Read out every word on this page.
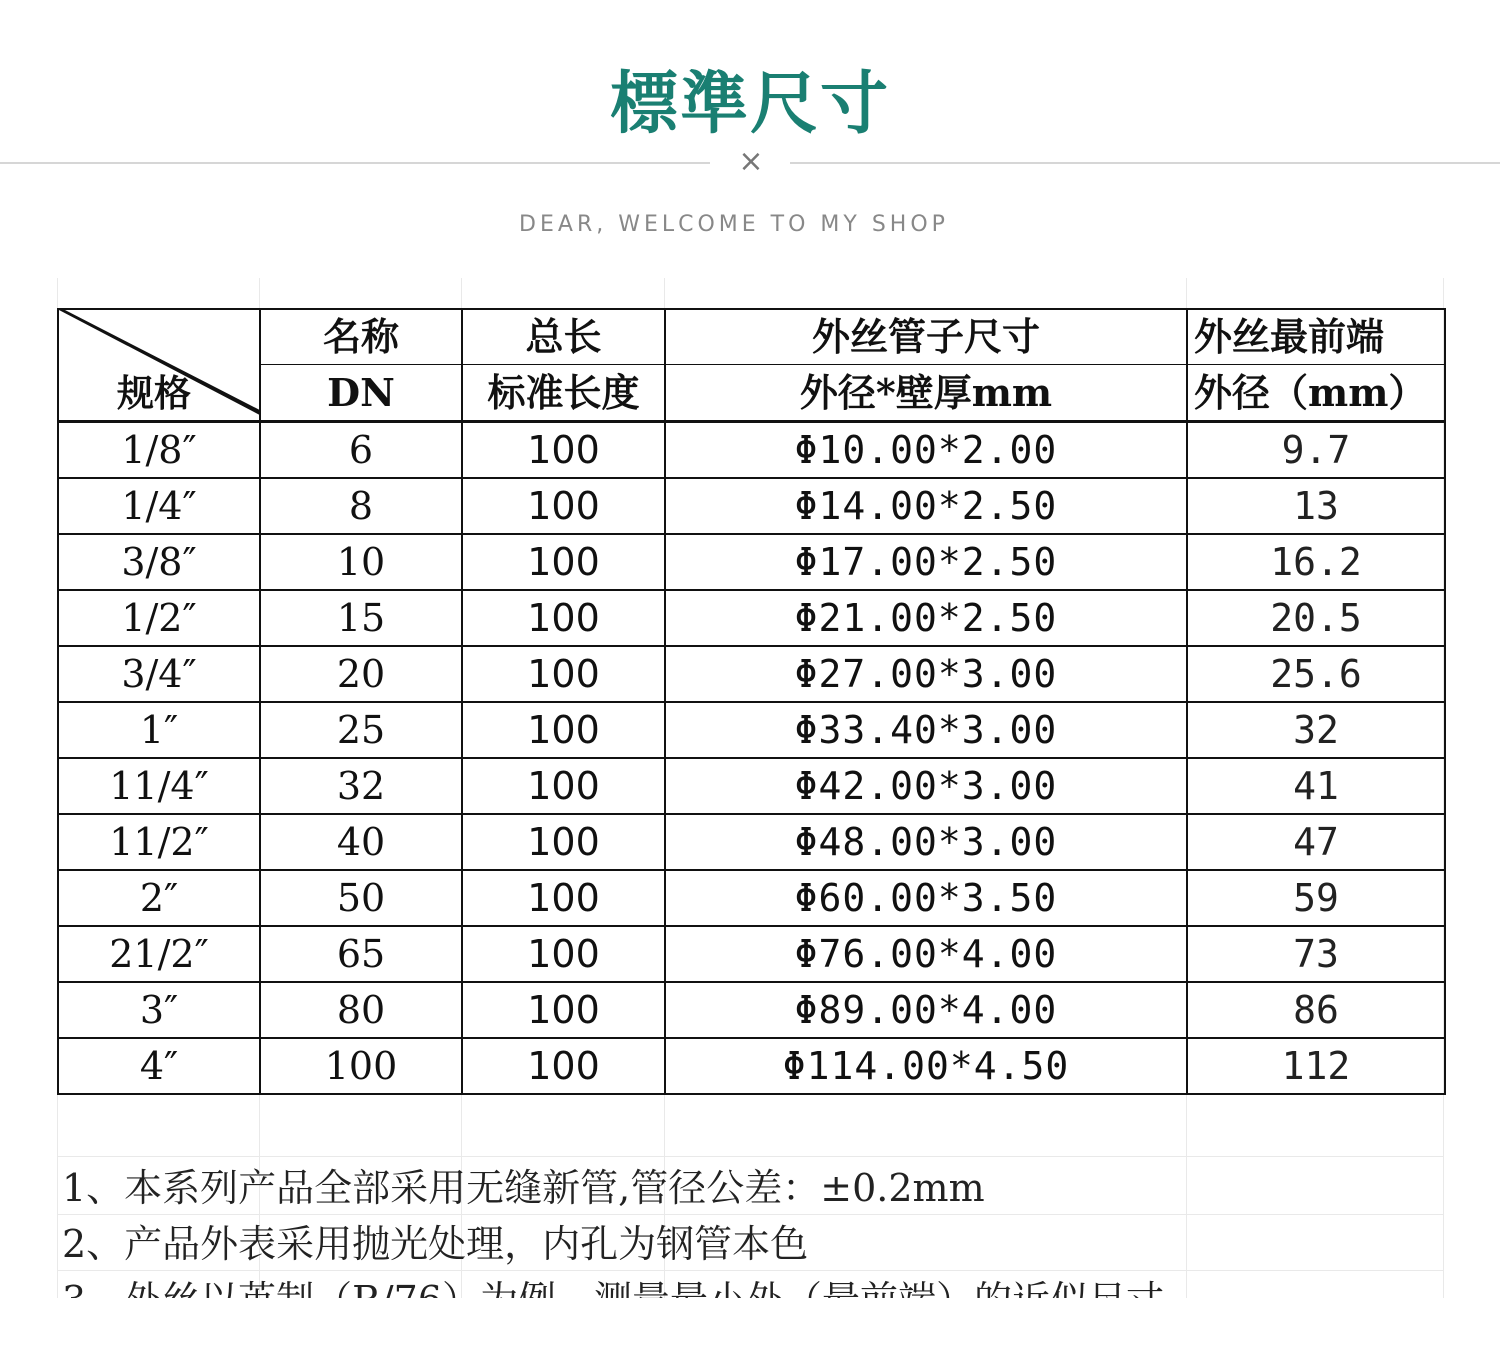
標準尺寸
×
DEAR, WELCOME TO MY SHOP
规格	名称	总长	外丝管子尺寸	外丝最前端
	DN	标准长度	外径*壁厚mm	外径（mm）
1/8″	6	100	Φ10.00*2.00	9.7
1/4″	8	100	Φ14.00*2.50	13
3/8″	10	100	Φ17.00*2.50	16.2
1/2″	15	100	Φ21.00*2.50	20.5
3/4″	20	100	Φ27.00*3.00	25.6
1″	25	100	Φ33.40*3.00	32
11/4″	32	100	Φ42.00*3.00	41
11/2″	40	100	Φ48.00*3.00	47
2″	50	100	Φ60.00*3.50	59
21/2″	65	100	Φ76.00*4.00	73
3″	80	100	Φ89.00*4.00	86
4″	100	100	Φ114.00*4.50	112
1、本系列产品全部采用无缝新管,管径公差：±0.2mm
2、产品外表采用抛光处理，内孔为钢管本色
